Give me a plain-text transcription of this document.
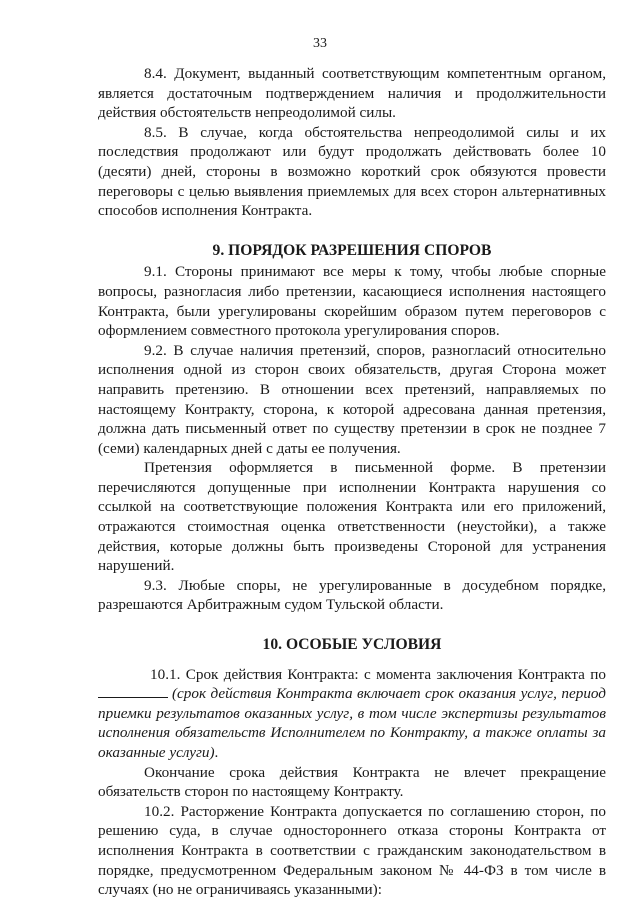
33

8.4. Документ, выданный соответствующим компетентным органом, является достаточным подтверждением наличия и продолжительности действия обстоятельств непреодолимой силы.

8.5. В случае, когда обстоятельства непреодолимой силы и их последствия продолжают или будут продолжать действовать более 10 (десяти) дней, стороны в возможно короткий срок обязуются провести переговоры с целью выявления приемлемых для всех сторон альтернативных способов исполнения Контракта.

9. ПОРЯДОК РАЗРЕШЕНИЯ СПОРОВ

9.1. Стороны принимают все меры к тому, чтобы любые спорные вопросы, разногласия либо претензии, касающиеся исполнения настоящего Контракта, были урегулированы скорейшим образом путем переговоров с оформлением совместного протокола урегулирования споров.

9.2. В случае наличия претензий, споров, разногласий относительно исполнения одной из сторон своих обязательств, другая Сторона может направить претензию. В отношении всех претензий, направляемых по настоящему Контракту, сторона, к которой адресована данная претензия, должна дать письменный ответ по существу претензии в срок не позднее 7 (семи) календарных дней с даты ее получения.

Претензия оформляется в письменной форме. В претензии перечисляются допущенные при исполнении Контракта нарушения со ссылкой на соответствующие положения Контракта или его приложений, отражаются стоимостная оценка ответственности (неустойки), а также действия, которые должны быть произведены Стороной для устранения нарушений.

9.3. Любые споры, не урегулированные в досудебном порядке, разрешаются Арбитражным судом Тульской области.

10. ОСОБЫЕ УСЛОВИЯ

10.1. Срок действия Контракта: с момента заключения Контракта по (срок действия Контракта включает срок оказания услуг, период приемки результатов оказанных услуг, в том числе экспертизы результатов исполнения обязательств Исполнителем по Контракту, а также оплаты за оказанные услуги).

Окончание срока действия Контракта не влечет прекращение обязательств сторон по настоящему Контракту.

10.2. Расторжение Контракта допускается по соглашению сторон, по решению суда, в случае одностороннего отказа стороны Контракта от исполнения Контракта в соответствии с гражданским законодательством в порядке, предусмотренном Федеральным законом № 44-ФЗ в том числе в случаях (но не ограничиваясь указанными):
